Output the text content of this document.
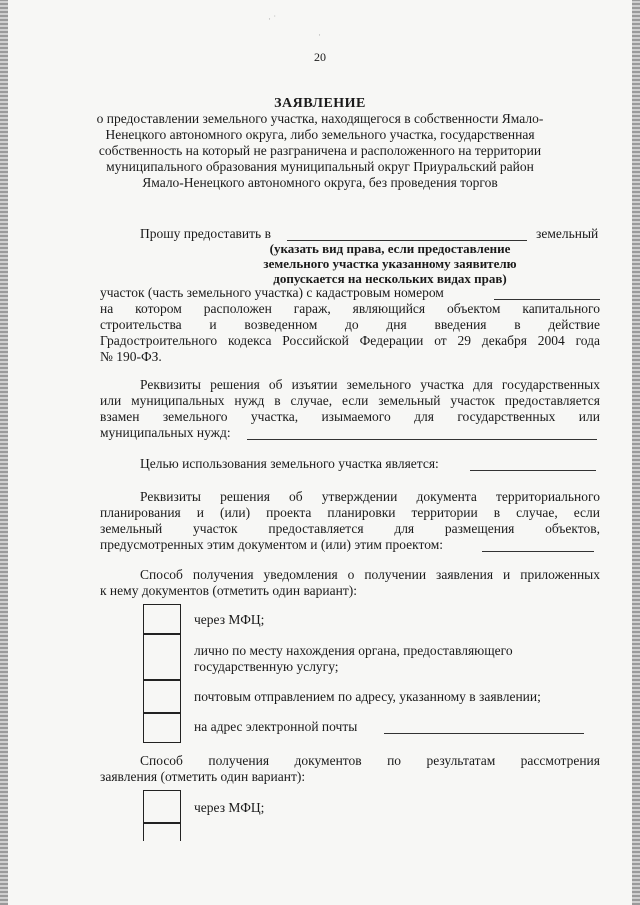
· ˙
·
20
ЗАЯВЛЕНИЕ
о предоставлении земельного участка, находящегося в собственности Ямало-
Ненецкого автономного округа, либо земельного участка, государственная
собственность на который не разграничена и расположенного на территории
муниципального образования муниципальный округ Приуральский район
Ямало-Ненецкого автономного округа, без проведения торгов
Прошу предоставить в	земельный
(указать вид права, если предоставление
земельного участка указанному заявителю
допускается на нескольких видах прав)
участок (часть земельного участка) с кадастровым номером
на котором расположен гараж, являющийся объектом капитального
строительства и возведенном до дня введения в действие
Градостроительного кодекса Российской Федерации от 29 декабря 2004 года
№ 190-ФЗ.
Реквизиты решения об изъятии земельного участка для государственных
или муниципальных нужд в случае, если земельный участок предоставляется
взамен земельного участка, изымаемого для государственных или
муниципальных нужд:
Целью использования земельного участка является:
Реквизиты решения об утверждении документа территориального
планирования и (или) проекта планировки территории в случае, если
земельный участок предоставляется для размещения объектов,
предусмотренных этим документом и (или) этим проектом:
Способ получения уведомления о получении заявления и приложенных
к нему документов (отметить один вариант):
через МФЦ;
лично по месту нахождения органа, предоставляющего
государственную услугу;
почтовым отправлением по адресу, указанному в заявлении;
на адрес электронной почты
Способ получения документов по результатам рассмотрения
заявления (отметить один вариант):
через МФЦ;
